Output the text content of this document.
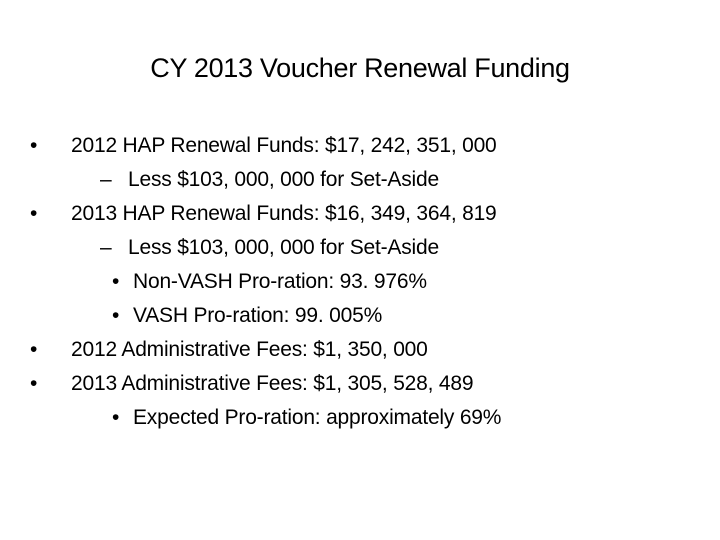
CY 2013 Voucher Renewal Funding
• 2012 HAP Renewal Funds: $17, 242, 351, 000
– Less $103, 000, 000 for Set-Aside
• 2013 HAP Renewal Funds: $16, 349, 364, 819
– Less $103, 000, 000 for Set-Aside
• Non-VASH Pro-ration: 93. 976%
• VASH Pro-ration: 99. 005%
• 2012 Administrative Fees: $1, 350, 000
• 2013 Administrative Fees: $1, 305, 528, 489
• Expected Pro-ration: approximately 69%
